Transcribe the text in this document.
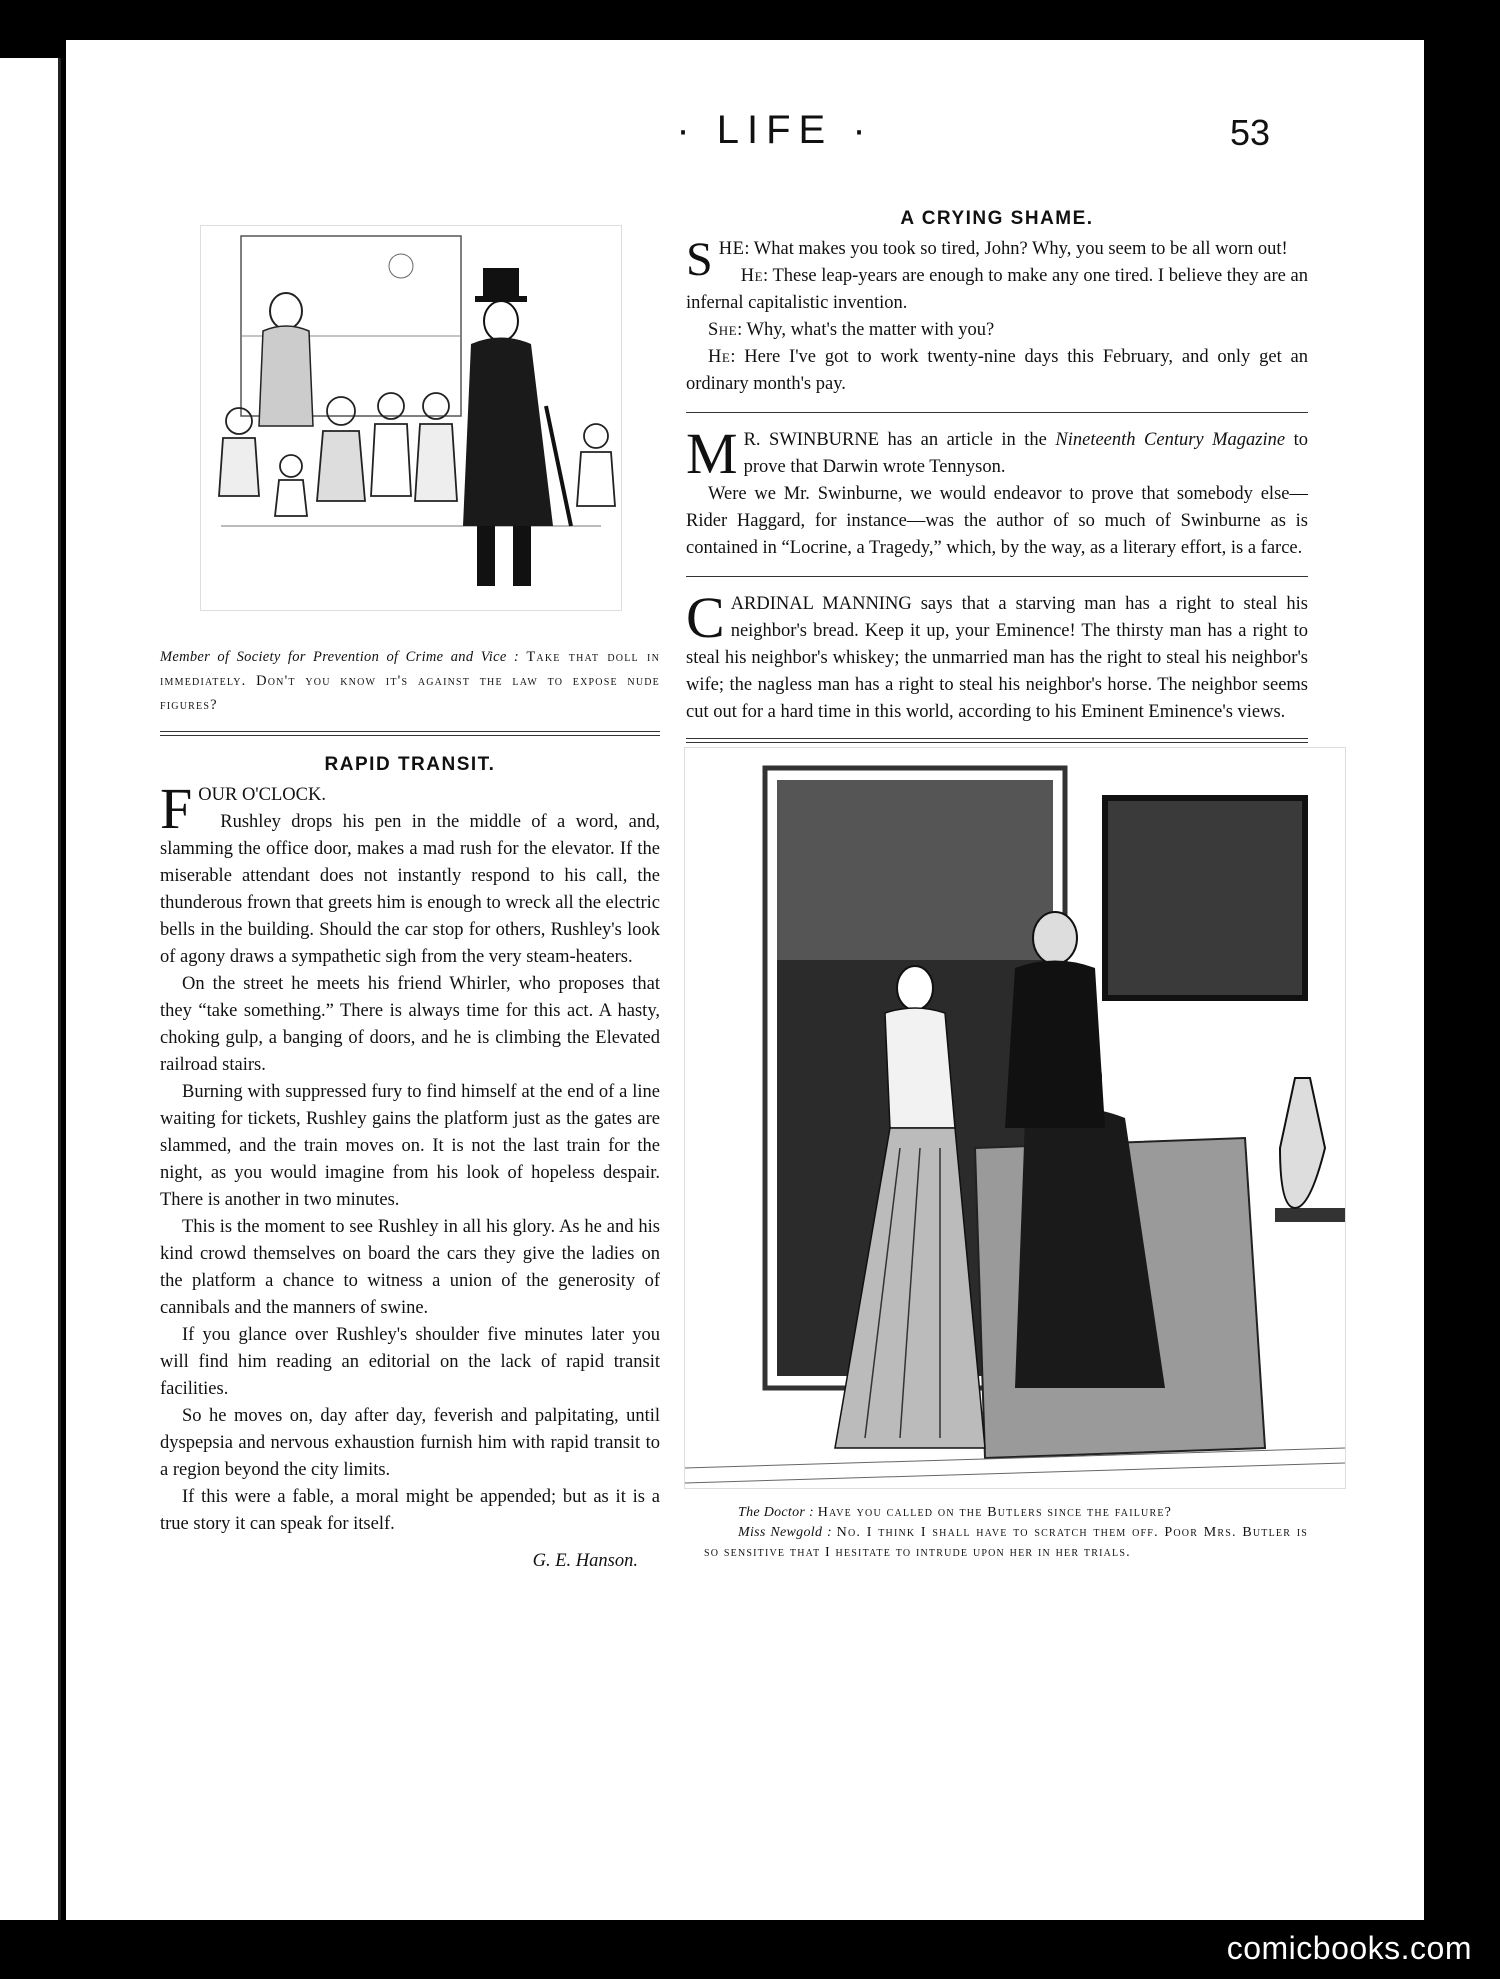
· LIFE ·	53
Member of Society for Prevention of Crime and Vice : Take that doll in immediately. Don't you know it's against the law to expose nude figures?
RAPID TRANSIT.

FOUR O'CLOCK.

Rushley drops his pen in the middle of a word, and, slamming the office door, makes a mad rush for the elevator. If the miserable attendant does not instantly respond to his call, the thunderous frown that greets him is enough to wreck all the electric bells in the building. Should the car stop for others, Rushley's look of agony draws a sympathetic sigh from the very steam-heaters.

On the street he meets his friend Whirler, who proposes that they “take something.” There is always time for this act. A hasty, choking gulp, a banging of doors, and he is climbing the Elevated railroad stairs.

Burning with suppressed fury to find himself at the end of a line waiting for tickets, Rushley gains the platform just as the gates are slammed, and the train moves on. It is not the last train for the night, as you would imagine from his look of hopeless despair. There is another in two minutes.

This is the moment to see Rushley in all his glory. As he and his kind crowd themselves on board the cars they give the ladies on the platform a chance to witness a union of the generosity of cannibals and the manners of swine.

If you glance over Rushley's shoulder five minutes later you will find him reading an editorial on the lack of rapid transit facilities.

So he moves on, day after day, feverish and palpitating, until dyspepsia and nervous exhaustion furnish him with rapid transit to a region beyond the city limits.

If this were a fable, a moral might be appended; but as it is a true story it can speak for itself.

G. E. Hanson.
A CRYING SHAME.

SHE: What makes you took so tired, John? Why, you seem to be all worn out!

He: These leap-years are enough to make any one tired. I believe they are an infernal capitalistic invention.

She: Why, what's the matter with you?

He: Here I've got to work twenty-nine days this February, and only get an ordinary month's pay.

M R. SWINBURNE has an article in the Nineteenth Century Magazine to prove that Darwin wrote Tennyson.

Were we Mr. Swinburne, we would endeavor to prove that somebody else—Rider Haggard, for instance—was the author of so much of Swinburne as is contained in “Locrine, a Tragedy,” which, by the way, as a literary effort, is a farce.

CARDINAL MANNING says that a starving man has a right to steal his neighbor's bread. Keep it up, your Eminence! The thirsty man has a right to steal his neighbor's whiskey; the unmarried man has the right to steal his neighbor's wife; the nagless man has a right to steal his neighbor's horse. The neighbor seems cut out for a hard time in this world, according to his Eminent Eminence's views.

The Doctor : Have you called on the Butlers since the failure?
Miss Newgold : No. I think I shall have to scratch them off. Poor Mrs. Butler is so sensitive that I hesitate to intrude upon her in her trials.
comicbooks.com
